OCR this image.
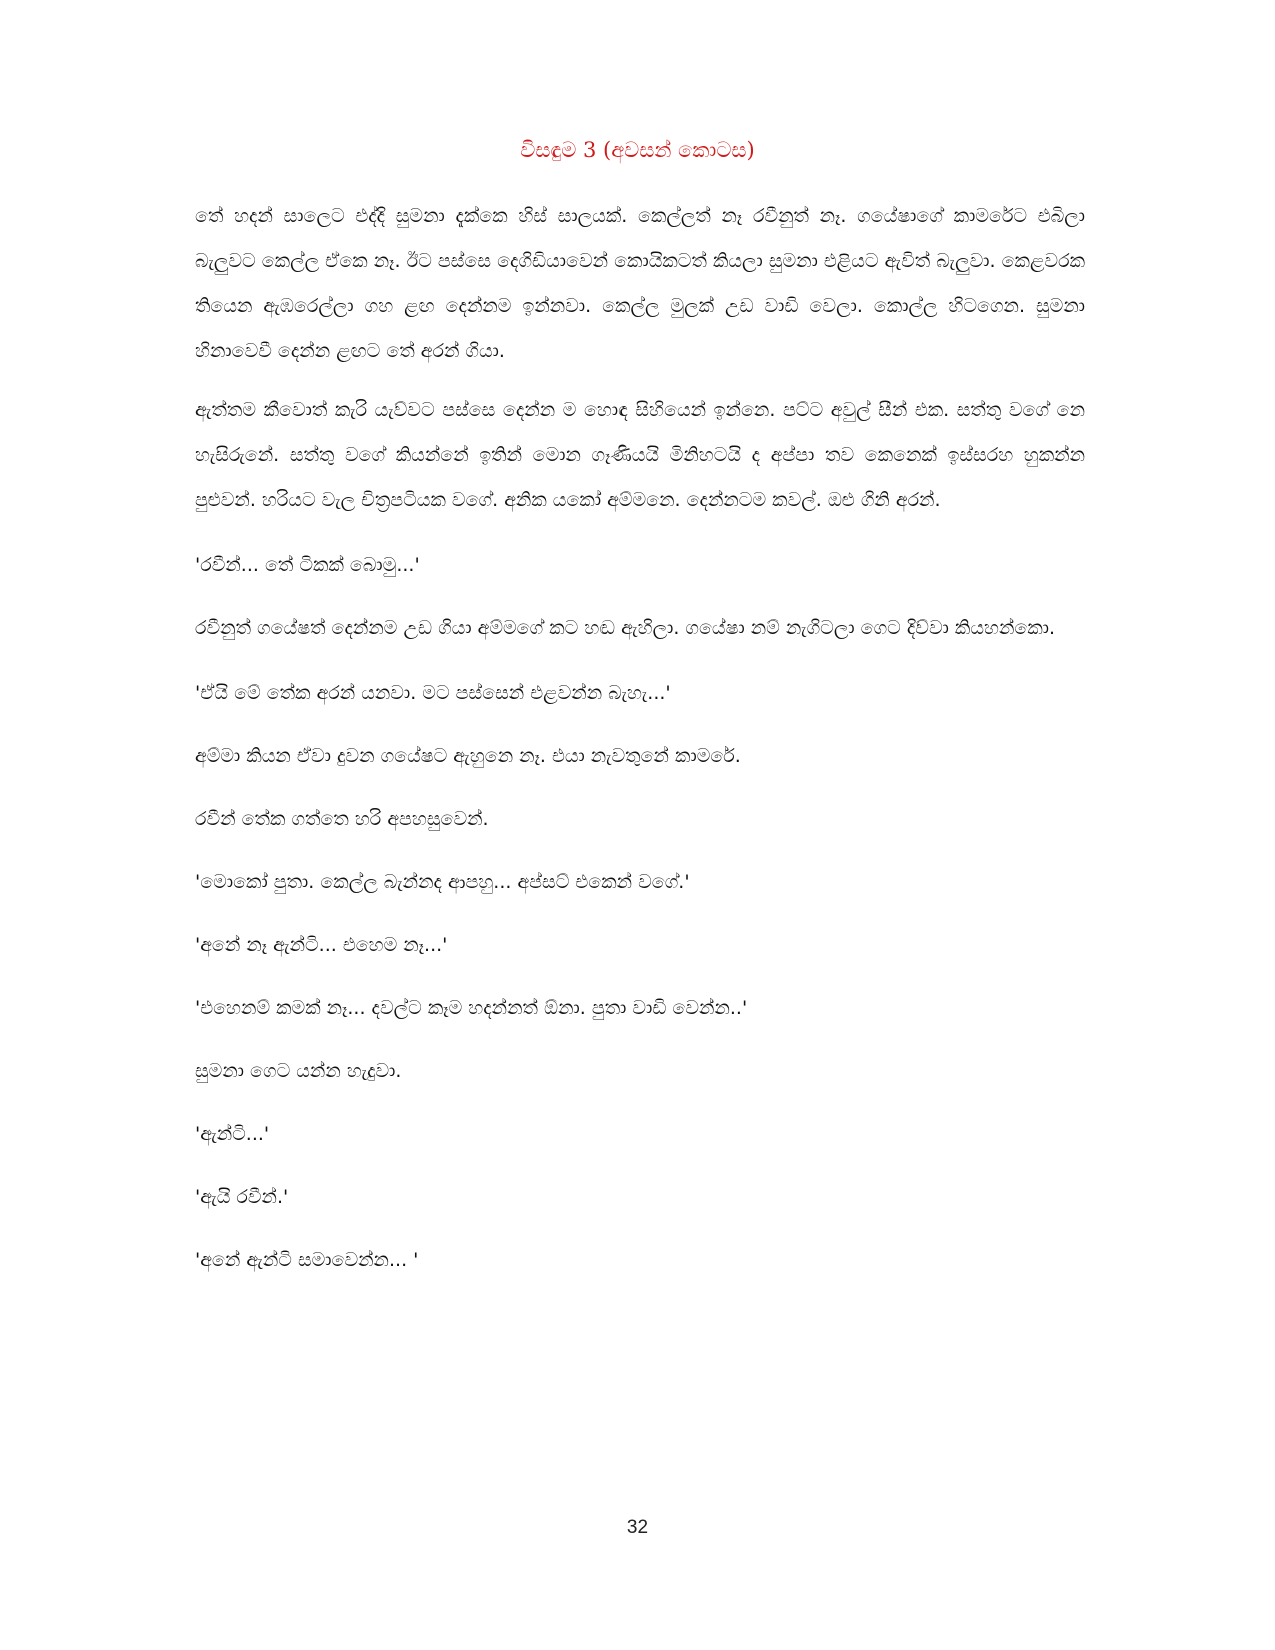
විසඳුම 3 (අවසන් කොටස)

තේ හදන් සාලෙට එද්දි සුමනා දැක්කෙ හිස් සාලයක්. කෙල්ලත් නෑ රවීනුත් නෑ. ගයේෂාගේ කාමරේට එබිලා බැලුවට කෙල්ල ඒකෙ නෑ. ඊට පස්සෙ දෙගිඩියාවෙන් කොයිකටත් කියලා සුමනා එළියට ඇවිත් බැලුවා. කෙළවරක තියෙන ඇඹරෙල්ලා ගහ ළඟ දෙන්නම ඉන්නවා. කෙල්ල මුලක් උඩ වාඩි වෙලා. කොල්ල හිටගෙන. සුමනා හිනාවෙවී දෙන්න ළඟට තේ අරන් ගියා.

ඇත්තම කීවොත් කැරි යැව්වට පස්සෙ දෙන්න ම හොඳ සිහියෙන් ඉන්නෙ. පට්ට අවුල් සීන් එක. සත්තු වගේ නෙ හැසිරුනේ. සත්තු වගේ කියන්නේ ඉතින් මොන ගෑණියයි මිනිහටයි ද අප්පා තව කෙනෙක් ඉස්සරහ හුකන්න පුළුවන්. හරියට වැල චිත්‍රපටියක වගේ. අනික යකෝ අම්මනෙ. දෙන්නටම කවල්. ඔළු ගිනි අරන්.

'රවීන්... තේ ටිකක් බොමු...'

රවීනුත් ගයේෂත් දෙන්නම උඩ ගියා අම්මගේ කට හඬ ඇහිලා. ගයේෂා නම් නැගිටලා ගෙට දිව්වා කියහන්කො.

'ඒයි මේ තේක අරන් යනවා. මට පස්සෙන් එළවන්න බැහැ...'

අම්මා කියන ඒවා දුවන ගයේෂට ඇහුනෙ නෑ. එයා නැවතුනේ කාමරේ.

රවීන් තේක ගත්තෙ හරි අපහසුවෙන්.

'මොකෝ පුතා. කෙල්ල බැන්නද ආපහු... අප්සට් එකෙන් වගේ.'

'අනේ නෑ ඇන්ටි... එහෙම නෑ...'

'එහෙනම් කමක් නෑ... දවල්ට කෑම හදන්නත් ඕනා. පුතා වාඩි වෙන්න..'

සුමනා ගෙට යන්න හැදුවා.

'ඇන්ටි...'

'ඇයි රවීන්.'

'අනේ ඇන්ටි සමාවෙන්න... '

32
